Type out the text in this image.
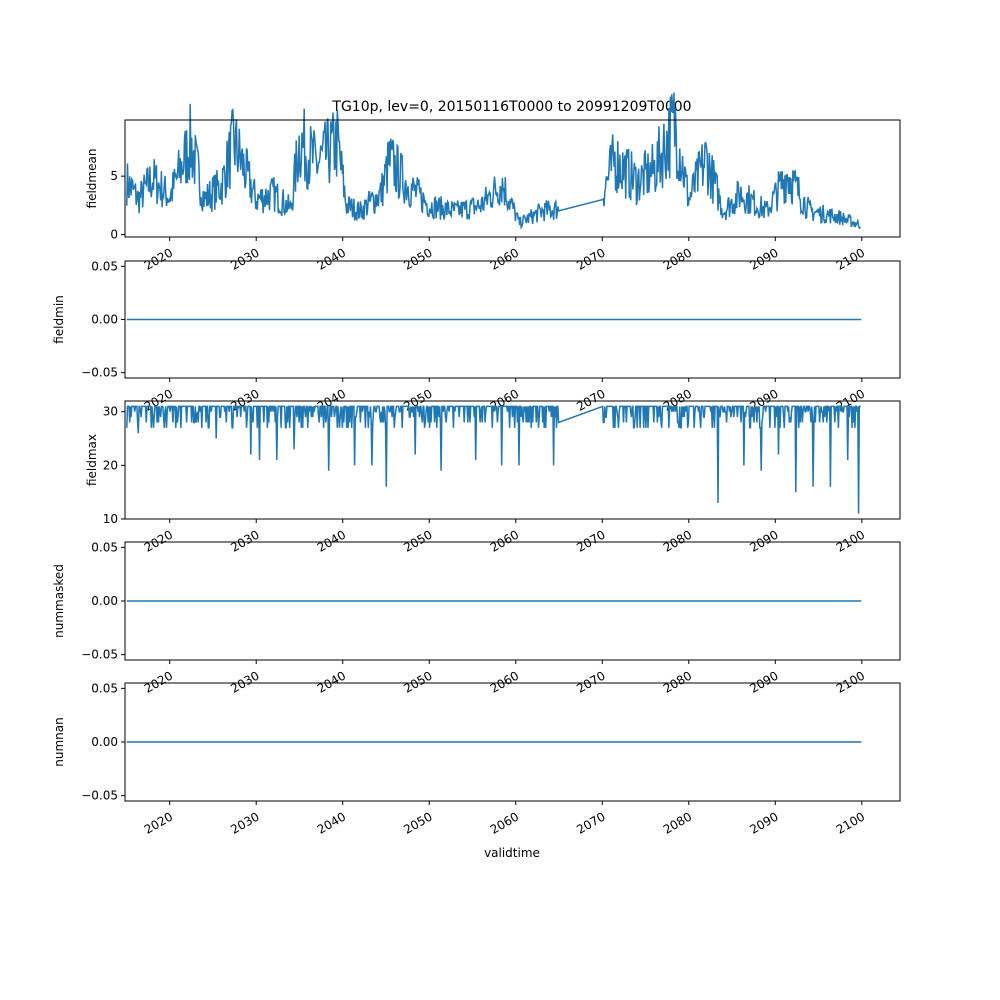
TG10p, lev=0, 20150116T0000 to 20991209T0000
0
5
2020	2030	2040	2050	2060	2070	2080	2090	2100
fieldmean
−0.05
0.00
0.05
2020	2030	2040	2050	2060	2070	2080	2090	2100
fieldmin
10
20
30
2020	2030	2040	2050	2060	2070	2080	2090	2100
fieldmax
−0.05
0.00
0.05
2020	2030	2040	2050	2060	2070	2080	2090	2100
nummasked
−0.05
0.00
0.05
2020	2030	2040	2050	2060	2070	2080	2090	2100
numnan
validtime
